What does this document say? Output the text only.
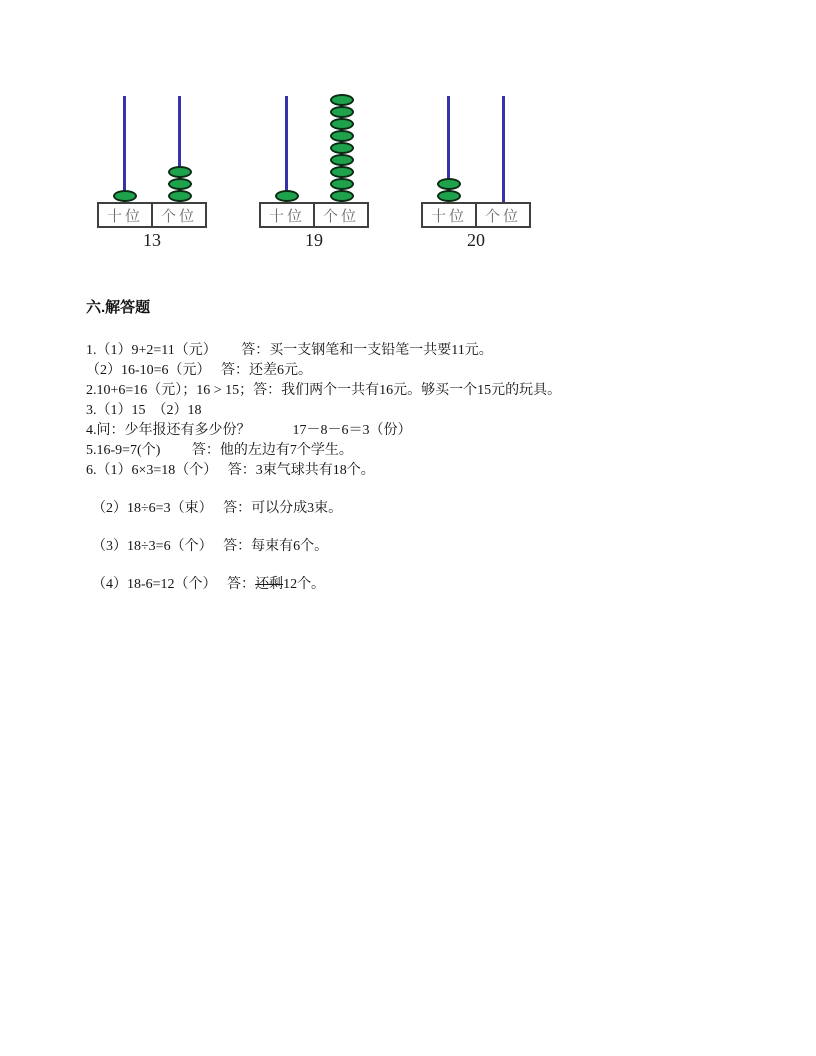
十位	个位
13
十位	个位
19
十位	个位
20
六.解答题
1.（1）9+2=11（元）　　 答：买一支钢笔和一支铅笔一共要11元。
（2）16-10=6（元）　 答：还差6元。
2.10+6=16（元）；16 > 15；答：我们两个一共有16元。够买一个15元的玩具。
3.（1）15　（2）18
4.问：少年报还有多少份？　　　17－8－6＝3（份）
5.16-9=7(个)　　 答：他的左边有7个学生。
6.（1）6×3=18（个）　 答：3束气球共有18个。
（2）18÷6=3（束）　 答：可以分成3束。
（3）18÷3=6（个）　 答：每束有6个。
（4）18-6=12（个）　 答：还剩12个。
